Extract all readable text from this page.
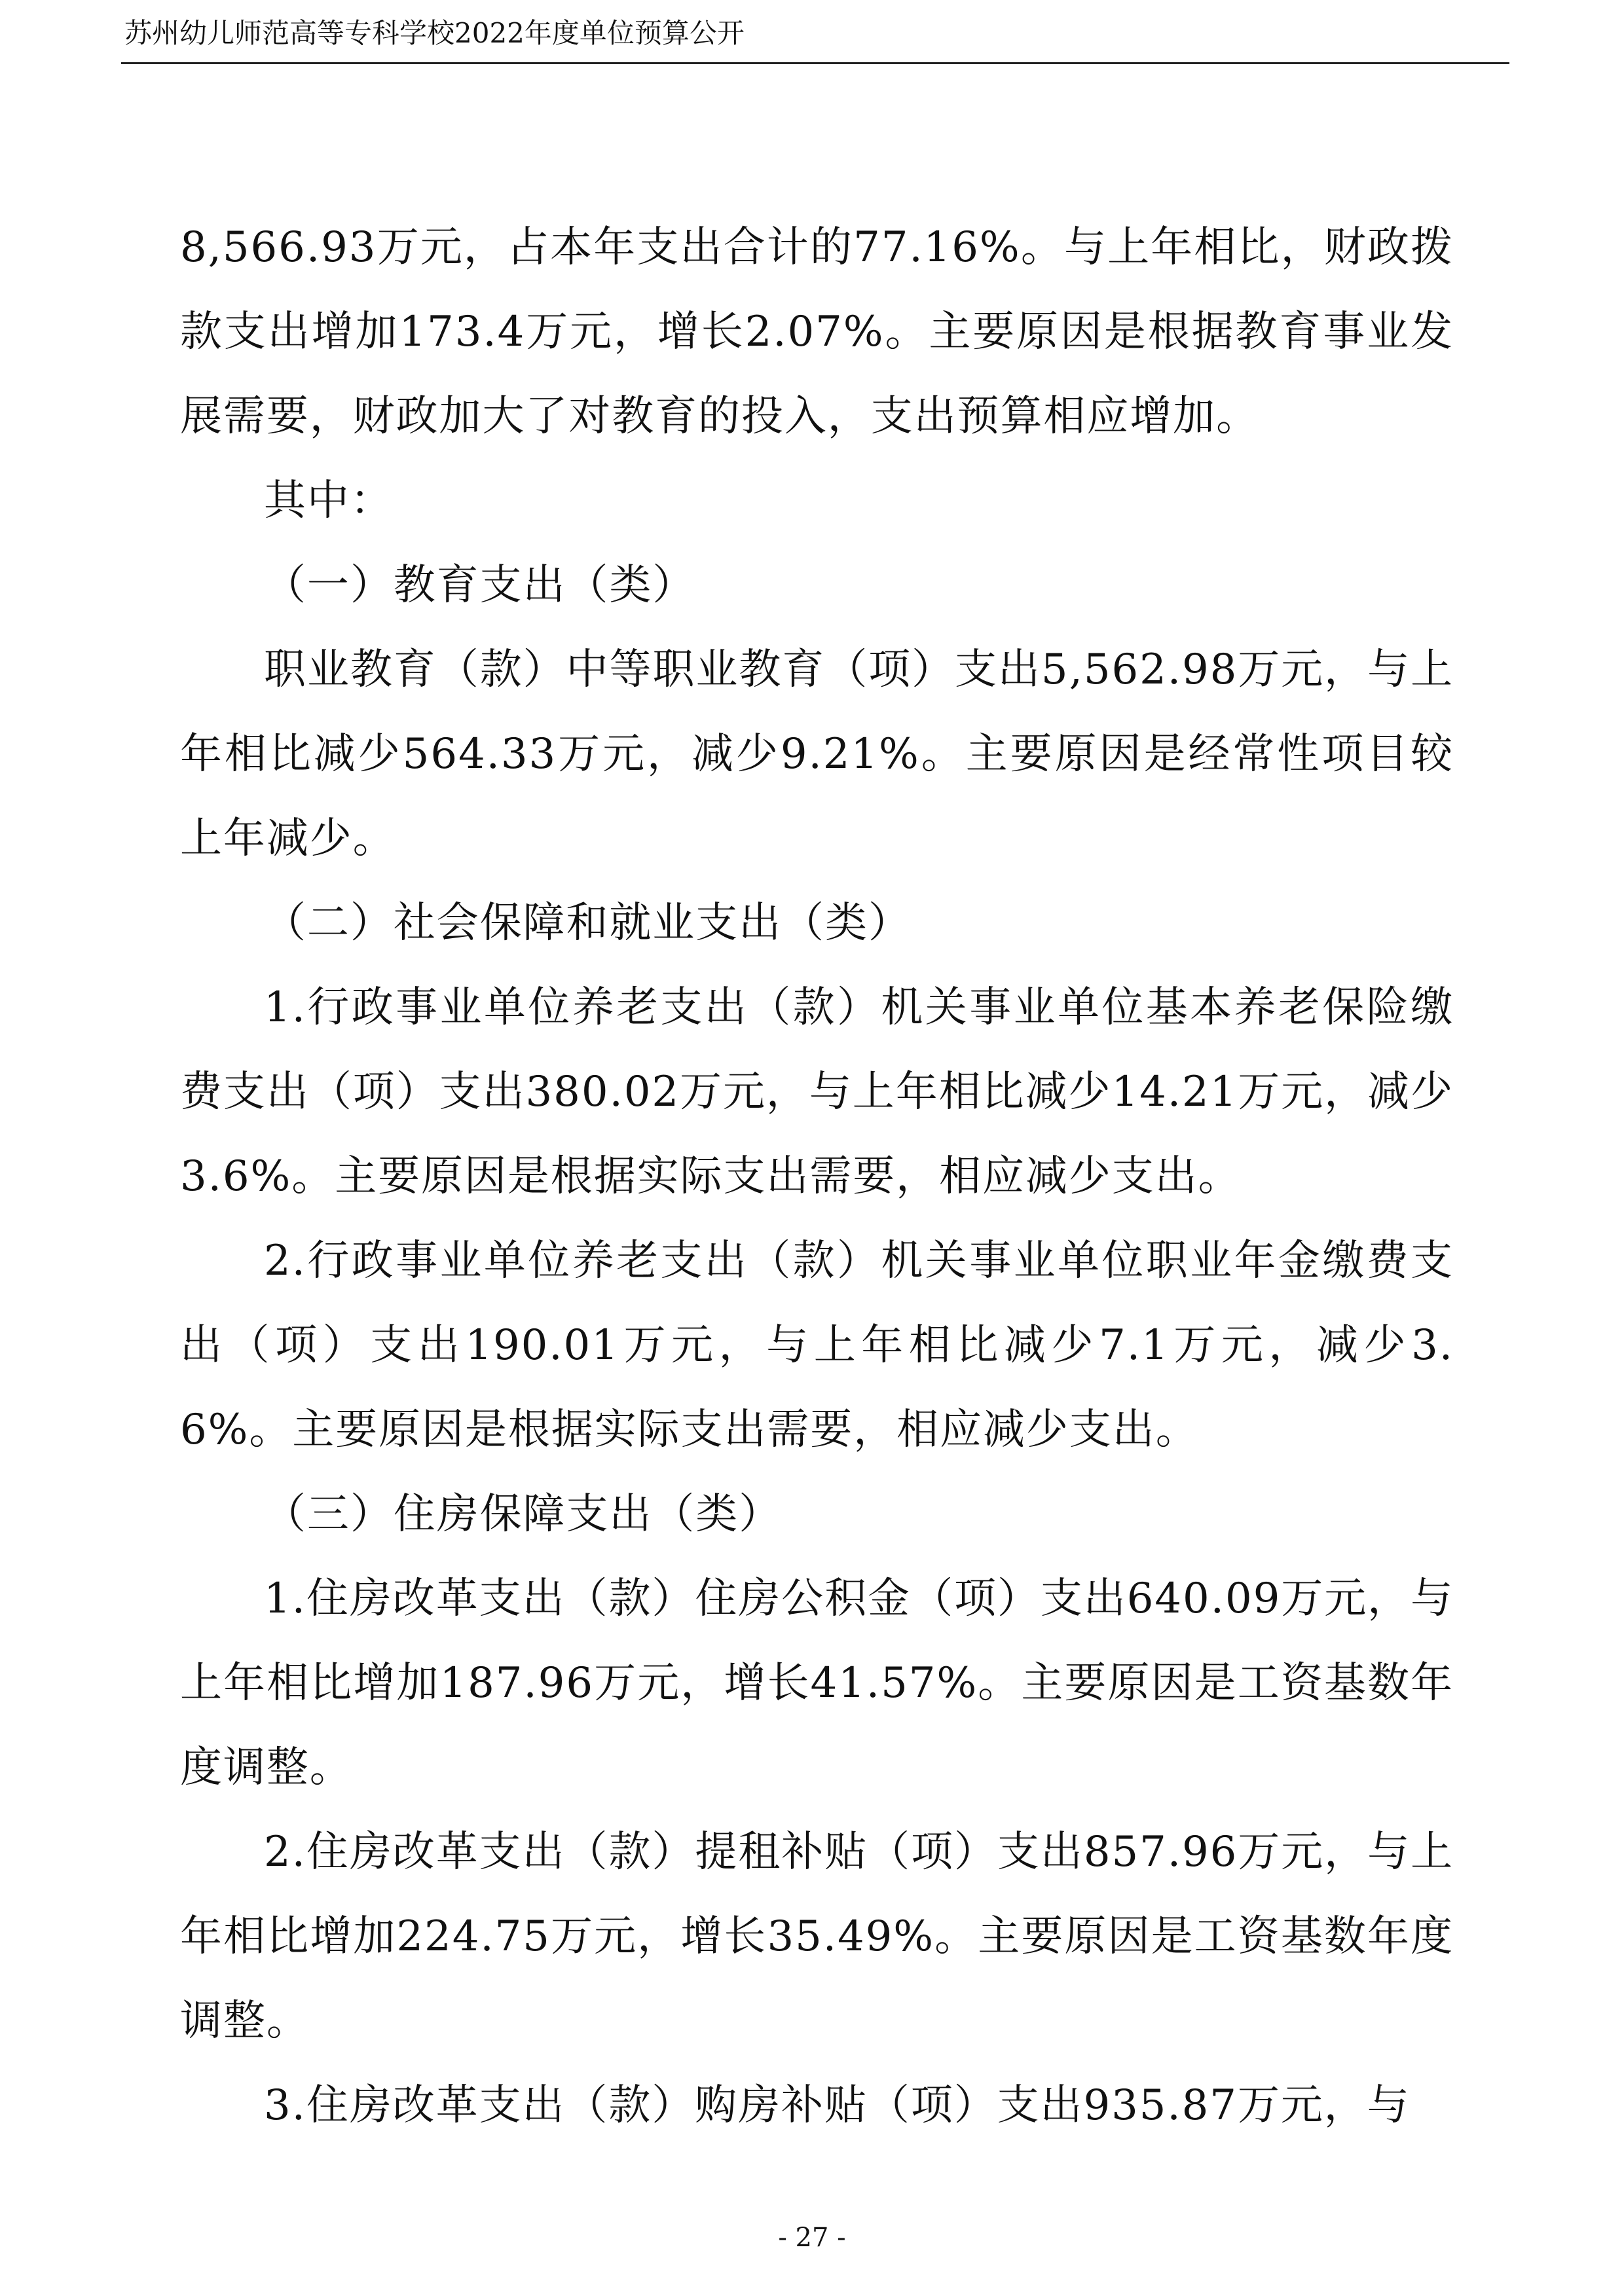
苏州幼儿师范高等专科学校2022年度单位预算公开

8,566.93万元，占本年支出合计的77.16%。与上年相比，财政拨款支出增加173.4万元，增长2.07%。主要原因是根据教育事业发展需要，财政加大了对教育的投入，支出预算相应增加。

其中：

（一）教育支出（类）

职业教育（款）中等职业教育（项）支出5,562.98万元，与上年相比减少564.33万元，减少9.21%。主要原因是经常性项目较上年减少。

（二）社会保障和就业支出（类）

1.行政事业单位养老支出（款）机关事业单位基本养老保险缴费支出（项）支出380.02万元，与上年相比减少14.21万元，减少3.6%。主要原因是根据实际支出需要，相应减少支出。

2.行政事业单位养老支出（款）机关事业单位职业年金缴费支出（项）支出190.01万元，与上年相比减少7.1万元，减少3.6%。主要原因是根据实际支出需要，相应减少支出。

（三）住房保障支出（类）

1.住房改革支出（款）住房公积金（项）支出640.09万元，与上年相比增加187.96万元，增长41.57%。主要原因是工资基数年度调整。

2.住房改革支出（款）提租补贴（项）支出857.96万元，与上年相比增加224.75万元，增长35.49%。主要原因是工资基数年度调整。

3.住房改革支出（款）购房补贴（项）支出935.87万元，与

- 27 -
